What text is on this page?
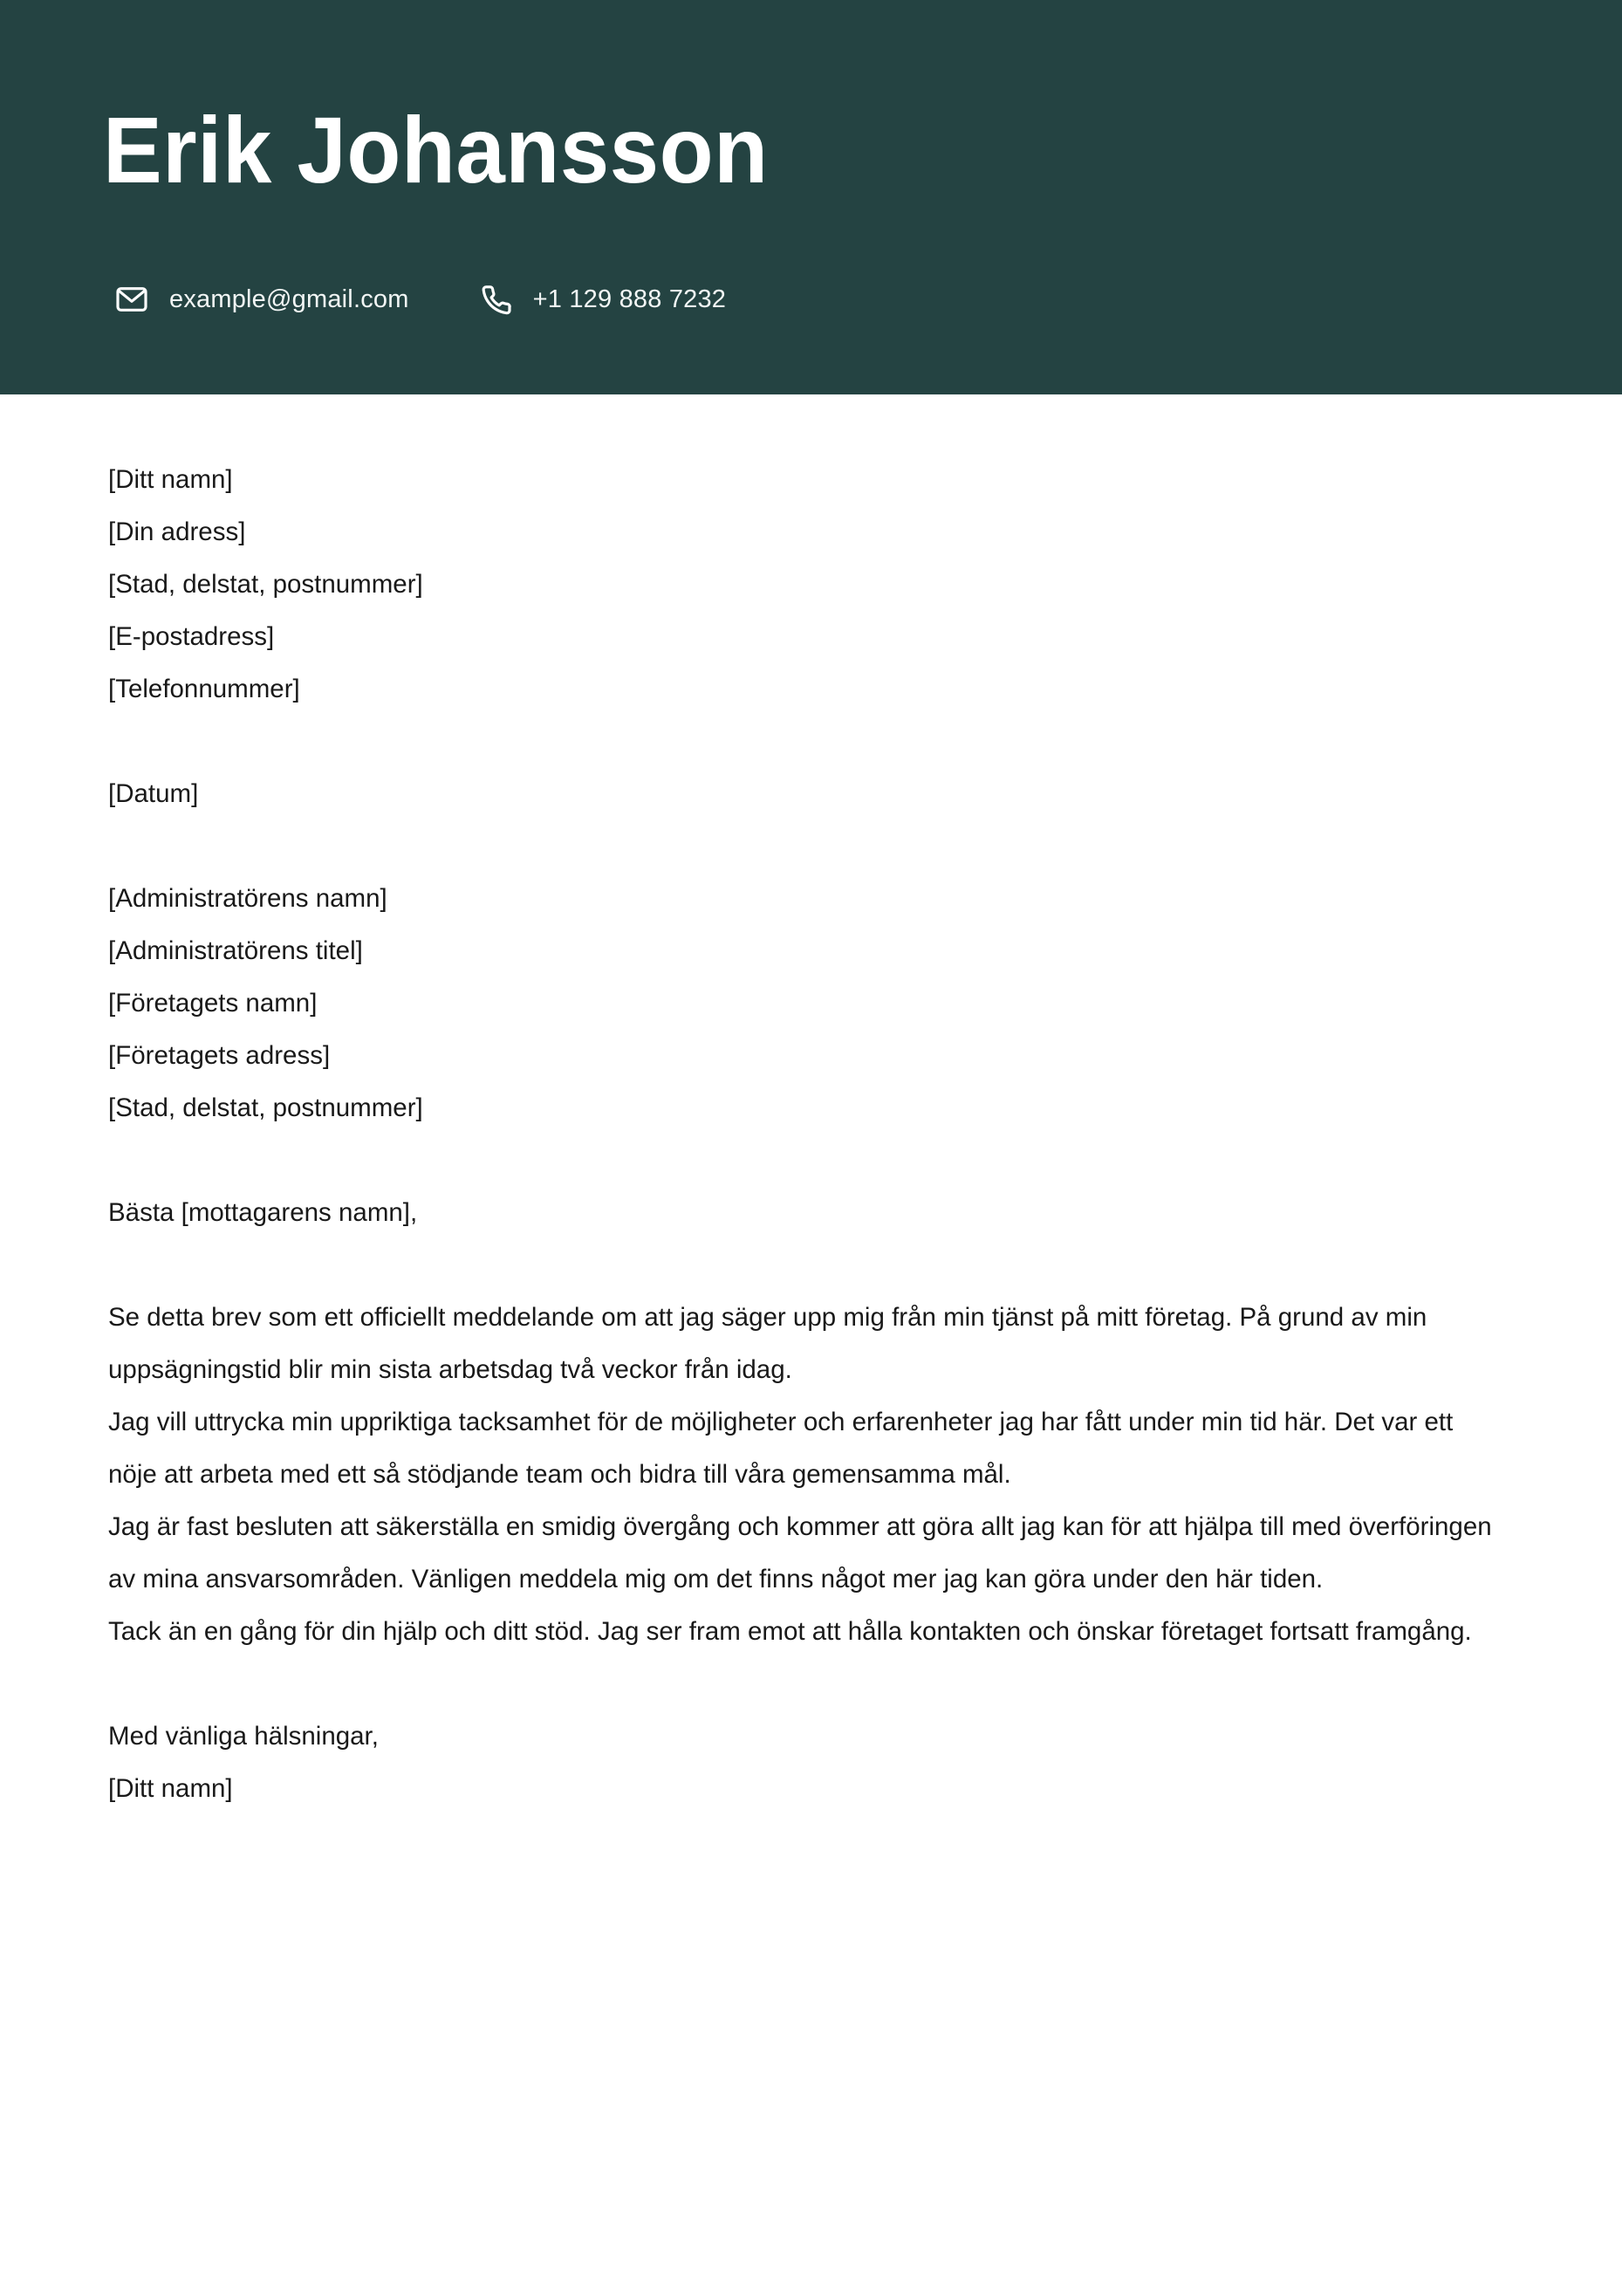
Erik Johansson
example@gmail.com	+1 129 888 7232
[Ditt namn]
[Din adress]
[Stad, delstat, postnummer]
[E-postadress]
[Telefonnummer]
[Datum]
[Administratörens namn]
[Administratörens titel]
[Företagets namn]
[Företagets adress]
[Stad, delstat, postnummer]
Bästa [mottagarens namn],

Se detta brev som ett officiellt meddelande om att jag säger upp mig från min tjänst på mitt företag. På grund av min uppsägningstid blir min sista arbetsdag två veckor från idag.

Jag vill uttrycka min uppriktiga tacksamhet för de möjligheter och erfarenheter jag har fått under min tid här. Det var ett nöje att arbeta med ett så stödjande team och bidra till våra gemensamma mål.

Jag är fast besluten att säkerställa en smidig övergång och kommer att göra allt jag kan för att hjälpa till med överföringen av mina ansvarsområden. Vänligen meddela mig om det finns något mer jag kan göra under den här tiden.

Tack än en gång för din hjälp och ditt stöd. Jag ser fram emot att hålla kontakten och önskar företaget fortsatt framgång.

Med vänliga hälsningar,
[Ditt namn]
